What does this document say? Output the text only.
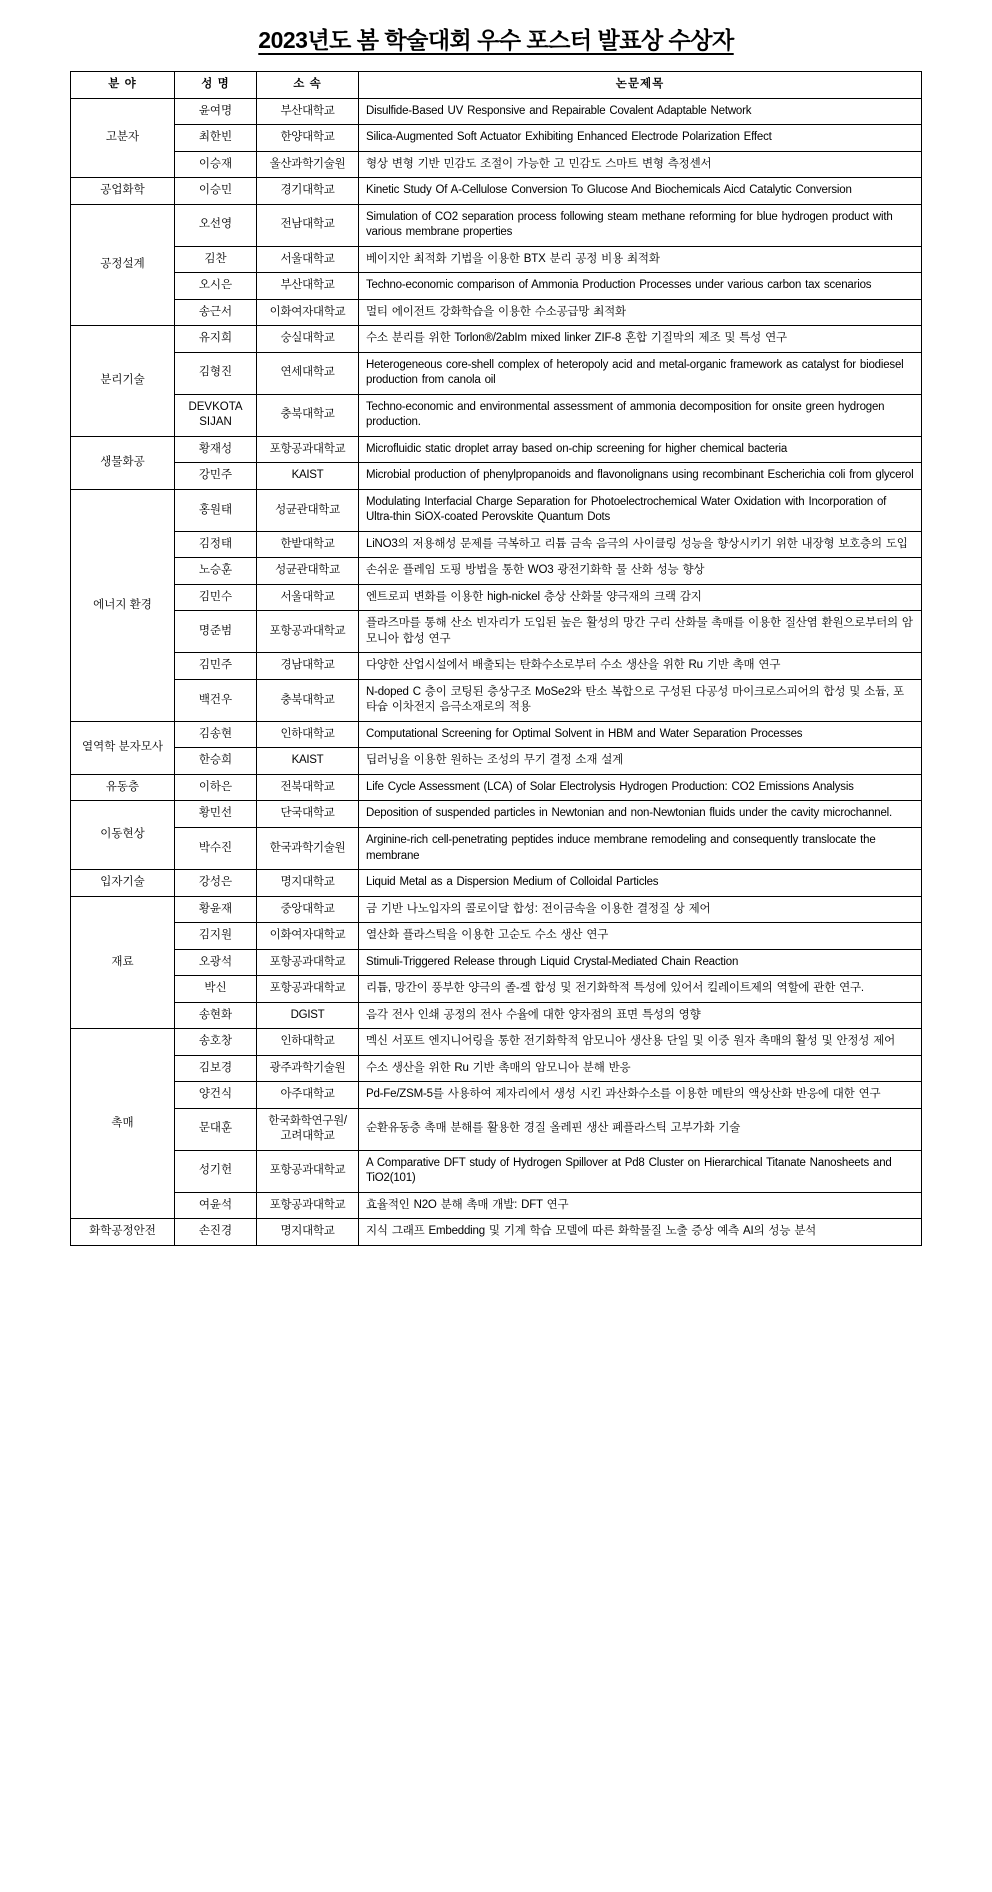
2023년도 봄 학술대회 우수 포스터 발표상 수상자
분 야	성 명	소 속	논문제목
고분자	윤여명	부산대학교	Disulfide-Based UV Responsive and Repairable Covalent Adaptable Network
	최한빈	한양대학교	Silica-Augmented Soft Actuator Exhibiting Enhanced Electrode Polarization Effect
	이승재	울산과학기술원	형상 변형 기반 민감도 조절이 가능한 고 민감도 스마트 변형 측정센서
공업화학	이승민	경기대학교	Kinetic Study Of A-Cellulose Conversion To Glucose And Biochemicals Aicd Catalytic Conversion
공정설계	오선영	전남대학교	Simulation of CO2 separation process following steam methane reforming for blue hydrogen product with various membrane properties
	김찬	서울대학교	베이지안 최적화 기법을 이용한 BTX 분리 공정 비용 최적화
	오시은	부산대학교	Techno-economic comparison of Ammonia Production Processes under various carbon tax scenarios
	송근서	이화여자대학교	멀티 에이전트 강화학습을 이용한 수소공급망 최적화
분리기술	유지희	숭실대학교	수소 분리를 위한 Torlon®/2abIm mixed linker ZIF-8 혼합 기질막의 제조 및 특성 연구
	김형진	연세대학교	Heterogeneous core-shell complex of heteropoly acid and metal-organic framework as catalyst for biodiesel production from canola oil
	DEVKOTA SIJAN	충북대학교	Techno-economic and environmental assessment of ammonia decomposition for onsite green hydrogen production.
생물화공	황재성	포항공과대학교	Microfluidic static droplet array based on-chip screening for higher chemical bacteria
	강민주	KAIST	Microbial production of phenylpropanoids and flavonolignans using recombinant Escherichia coli from glycerol
에너지 환경	홍원태	성균관대학교	Modulating Interfacial Charge Separation for Photoelectrochemical Water Oxidation with Incorporation of Ultra-thin SiOX-coated Perovskite Quantum Dots
	김정태	한밭대학교	LiNO3의 저용해성 문제를 극복하고 리튬 금속 음극의 사이클링 성능을 향상시키기 위한 내장형 보호층의 도입
	노승훈	성균관대학교	손쉬운 플레임 도핑 방법을 통한 WO3 광전기화학 물 산화 성능 향상
	김민수	서울대학교	엔트로피 변화를 이용한 high-nickel 층상 산화물 양극재의 크랙 감지
	명준범	포항공과대학교	플라즈마를 통해 산소 빈자리가 도입된 높은 활성의 망간 구리 산화물 촉매를 이용한 질산염 환원으로부터의 암모니아 합성 연구
	김민주	경남대학교	다양한 산업시설에서 배출되는 탄화수소로부터 수소 생산을 위한 Ru 기반 촉매 연구
	백건우	충북대학교	N-doped C 층이 코팅된 층상구조 MoSe2와 탄소 복합으로 구성된 다공성 마이크로스피어의 합성 및 소듐, 포타슘 이차전지 음극소재로의 적용
열역학 분자모사	김송현	인하대학교	Computational Screening for Optimal Solvent in HBM and Water Separation Processes
	한승희	KAIST	딥러닝을 이용한 원하는 조성의 무기 결정 소재 설계
유동층	이하은	전북대학교	Life Cycle Assessment (LCA) of Solar Electrolysis Hydrogen Production: CO2 Emissions Analysis
이동현상	황민선	단국대학교	Deposition of suspended particles in Newtonian and non-Newtonian fluids under the cavity microchannel.
	박수진	한국과학기술원	Arginine-rich cell-penetrating peptides induce membrane remodeling and consequently translocate the membrane
입자기술	강성은	명지대학교	Liquid Metal as a Dispersion Medium of Colloidal Particles
재료	황윤재	중앙대학교	금 기반 나노입자의 콜로이달 합성: 전이금속을 이용한 결정질 상 제어
	김지원	이화여자대학교	열산화 플라스틱을 이용한 고순도 수소 생산 연구
	오광석	포항공과대학교	Stimuli-Triggered Release through Liquid Crystal-Mediated Chain Reaction
	박신	포항공과대학교	리튬, 망간이 풍부한 양극의 졸-겔 합성 및 전기화학적 특성에 있어서 킬레이트제의 역할에 관한 연구.
	송현화	DGIST	음각 전사 인쇄 공정의 전사 수율에 대한 양자점의 표면 특성의 영향
촉매	송호창	인하대학교	멕신 서포트 엔지니어링을 통한 전기화학적 암모니아 생산용 단일 및 이중 원자 촉매의 활성 및 안정성 제어
	김보경	광주과학기술원	수소 생산을 위한 Ru 기반 촉매의 암모니아 분해 반응
	양건식	아주대학교	Pd-Fe/ZSM-5를 사용하여 제자리에서 생성 시킨 과산화수소를 이용한 메탄의 액상산화 반응에 대한 연구
	문대훈	한국화학연구원/ 고려대학교	순환유동층 촉매 분해를 활용한 경질 올레핀 생산 폐플라스틱 고부가화 기술
	성기헌	포항공과대학교	A Comparative DFT study of Hydrogen Spillover at Pd8 Cluster on Hierarchical Titanate Nanosheets and TiO2(101)
	여윤석	포항공과대학교	효율적인 N2O 분해 촉매 개발: DFT 연구
화학공정안전	손진경	명지대학교	지식 그래프 Embedding 및 기계 학습 모델에 따른 화학물질 노출 증상 예측 AI의 성능 분석
